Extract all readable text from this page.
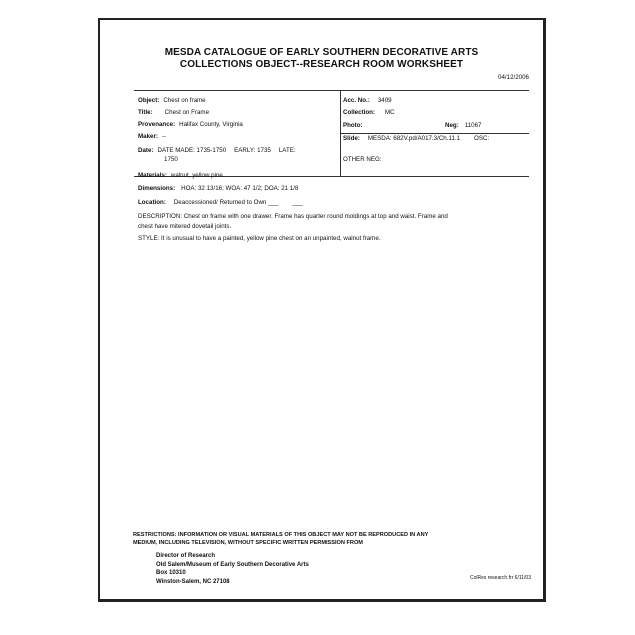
MESDA CATALOGUE OF EARLY SOUTHERN DECORATIVE ARTS
COLLECTIONS OBJECT--RESEARCH ROOM WORKSHEET
04/12/2006
Object: Chest on frame
Title: Chest on Frame
Provenance: Halifax County, Virginia
Maker: --
Date: DATE MADE: 1735-1750 EARLY: 1735 LATE:
1750
Acc. No.: 3409
Collection: MC
Photo:	Neg: 11067
Slide: MESDA: 682V.pd/A017.3/Ch.11.1 OSC:
OTHER NEG:
Materials: walnut, yellow pine
Dimensions: HOA: 32 13/16; WOA: 47 1/2; DOA: 21 1/8
Location: Deaccessioned/ Returned to Own ___ ___
DESCRIPTION: Chest on frame with one drawer. Frame has quarter round moldings at top and waist. Frame and
chest have mitered dovetail joints.
STYLE: It is unusual to have a painted, yellow pine chest on an unpainted, walnut frame.
RESTRICTIONS: INFORMATION OR VISUAL MATERIALS OF THIS OBJECT MAY NOT BE REPRODUCED IN ANY
MEDIUM, INCLUDING TELEVISION, WITHOUT SPECIFIC WRITTEN PERMISSION FROM
Director of Research
Old Salem/Museum of Early Southern Decorative Arts
Box 10310
Winston-Salem, NC 27108
ColRes research.frr 6/11/03
